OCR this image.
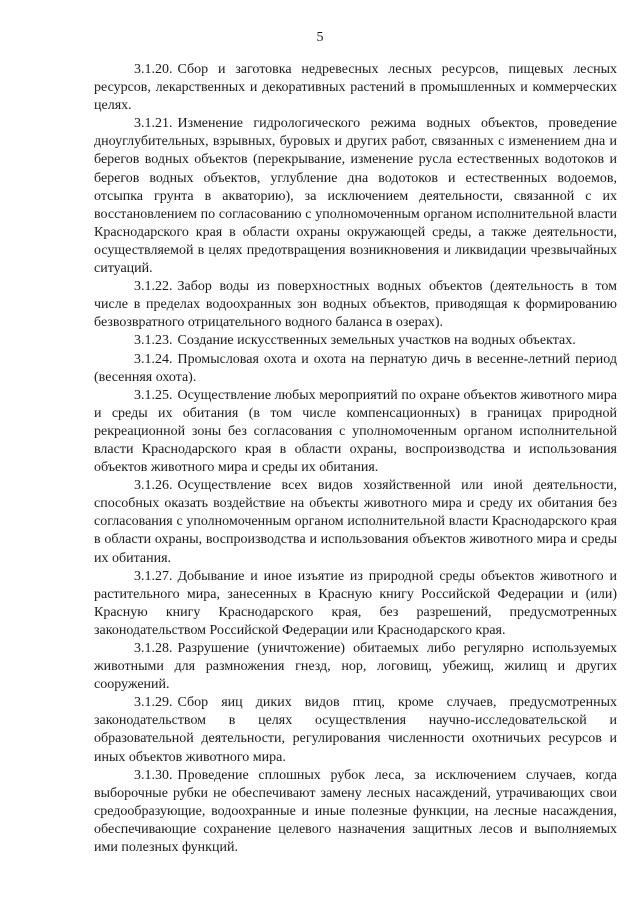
5

3.1.20. Сбор и заготовка недревесных лесных ресурсов, пищевых лесных ресурсов, лекарственных и декоративных растений в промышленных и коммерческих целях.

3.1.21. Изменение гидрологического режима водных объектов, проведение дноуглубительных, взрывных, буровых и других работ, связанных с изменением дна и берегов водных объектов (перекрывание, изменение русла естественных водотоков и берегов водных объектов, углубление дна водотоков и естественных водоемов, отсыпка грунта в акваторию), за исключением деятельности, связанной с их восстановлением по согласованию с уполномоченным органом исполнительной власти Краснодарского края в области охраны окружающей среды, а также деятельности, осуществляемой в целях предотвращения возникновения и ликвидации чрезвычайных ситуаций.

3.1.22. Забор воды из поверхностных водных объектов (деятельность в том числе в пределах водоохранных зон водных объектов, приводящая к формированию безвозвратного отрицательного водного баланса в озерах).

3.1.23. Создание искусственных земельных участков на водных объектах.

3.1.24. Промысловая охота и охота на пернатую дичь в весенне-летний период (весенняя охота).

3.1.25. Осуществление любых мероприятий по охране объектов животного мира и среды их обитания (в том числе компенсационных) в границах природной рекреационной зоны без согласования с уполномоченным органом исполнительной власти Краснодарского края в области охраны, воспроизводства и использования объектов животного мира и среды их обитания.

3.1.26. Осуществление всех видов хозяйственной или иной деятельности, способных оказать воздействие на объекты животного мира и среду их обитания без согласования с уполномоченным органом исполнительной власти Краснодарского края в области охраны, воспроизводства и использования объектов животного мира и среды их обитания.

3.1.27. Добывание и иное изъятие из природной среды объектов животного и растительного мира, занесенных в Красную книгу Российской Федерации и (или) Красную книгу Краснодарского края, без разрешений, предусмотренных законодательством Российской Федерации или Краснодарского края.

3.1.28. Разрушение (уничтожение) обитаемых либо регулярно используемых животными для размножения гнезд, нор, логовищ, убежищ, жилищ и других сооружений.

3.1.29. Сбор яиц диких видов птиц, кроме случаев, предусмотренных законодательством в целях осуществления научно-исследовательской и образовательной деятельности, регулирования численности охотничьих ресурсов и иных объектов животного мира.

3.1.30. Проведение сплошных рубок леса, за исключением случаев, когда выборочные рубки не обеспечивают замену лесных насаждений, утрачивающих свои средообразующие, водоохранные и иные полезные функции, на лесные насаждения, обеспечивающие сохранение целевого назначения защитных лесов и выполняемых ими полезных функций.
